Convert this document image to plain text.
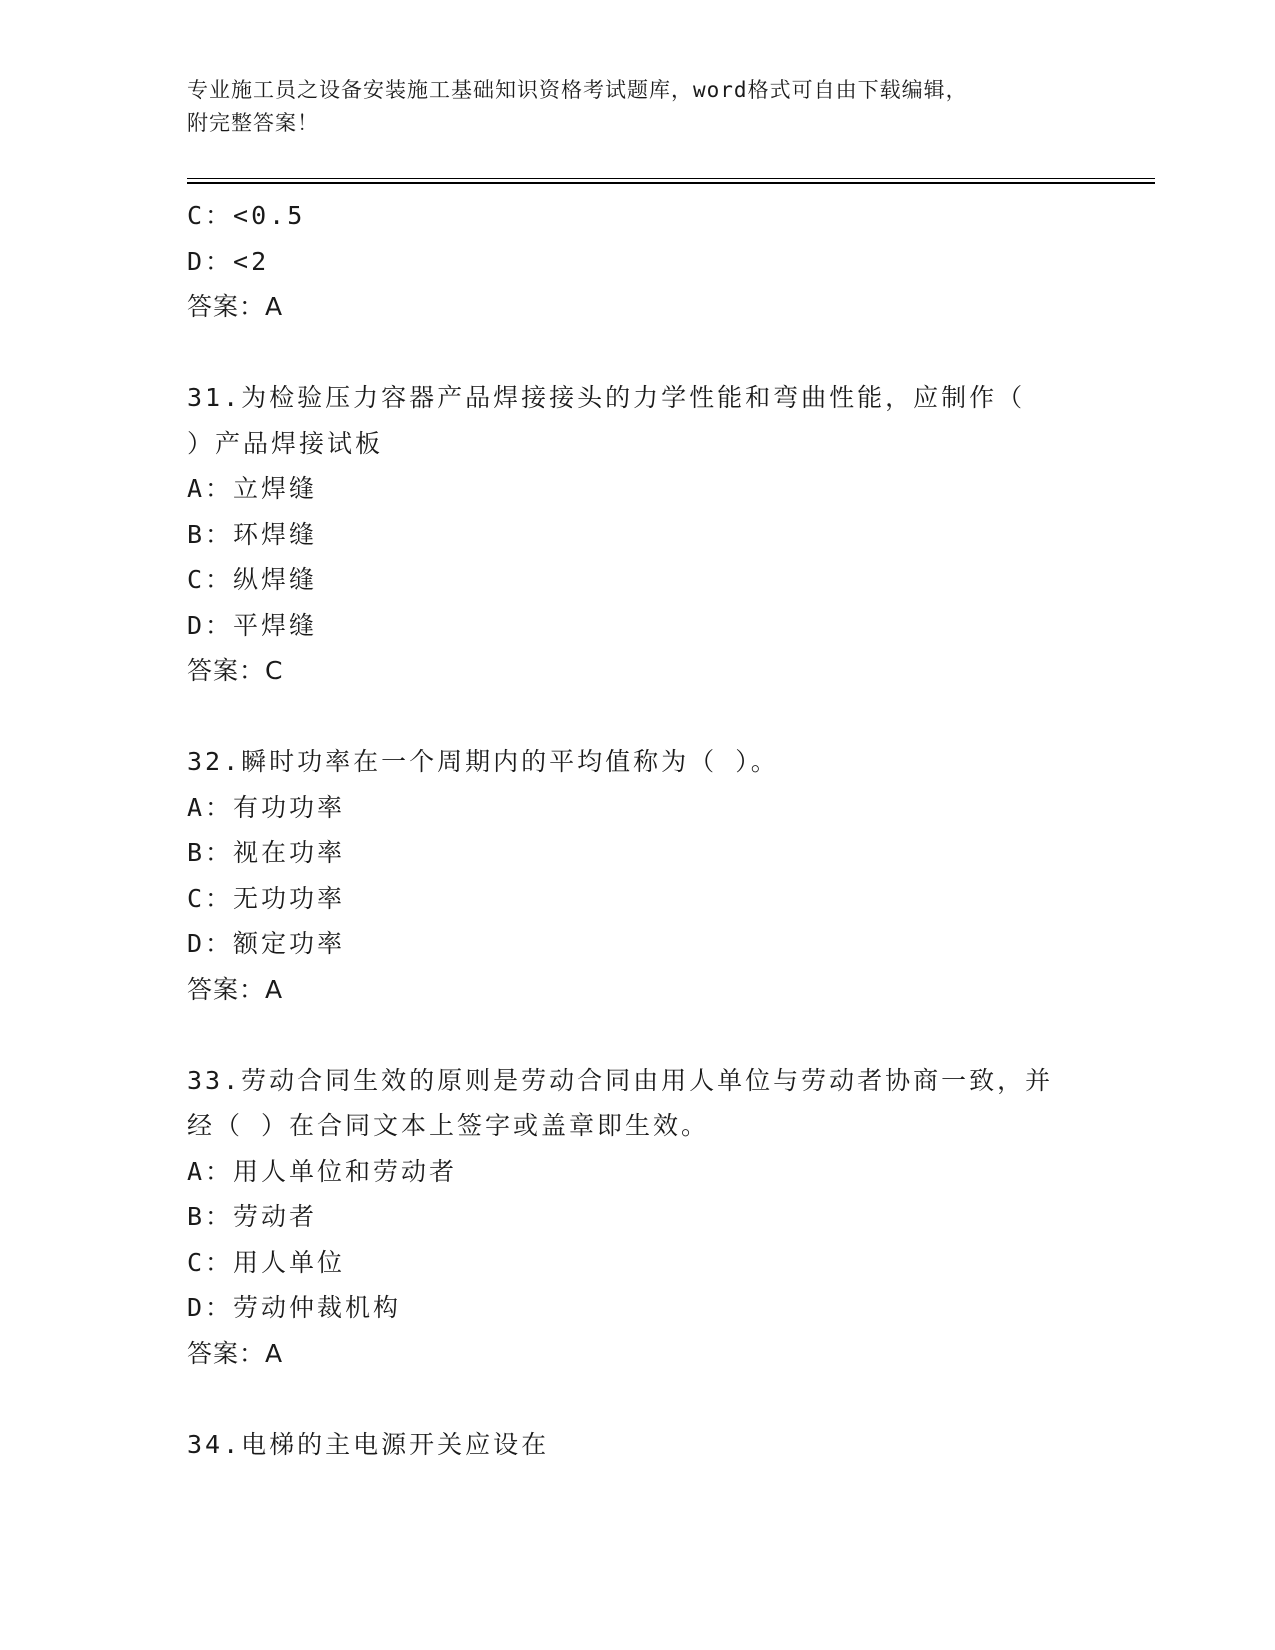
专业施工员之设备安装施工基础知识资格考试题库，word格式可自由下载编辑，
附完整答案！
C：<0.5
D：<2
答案：A
31.为检验压力容器产品焊接接头的力学性能和弯曲性能，应制作（
）产品焊接试板
A：立焊缝
B：环焊缝
C：纵焊缝
D：平焊缝
答案：C
32.瞬时功率在一个周期内的平均值称为（ ）。
A：有功功率
B：视在功率
C：无功功率
D：额定功率
答案：A
33.劳动合同生效的原则是劳动合同由用人单位与劳动者协商一致，并
经（ ）在合同文本上签字或盖章即生效。
A：用人单位和劳动者
B：劳动者
C：用人单位
D：劳动仲裁机构
答案：A
34.电梯的主电源开关应设在
